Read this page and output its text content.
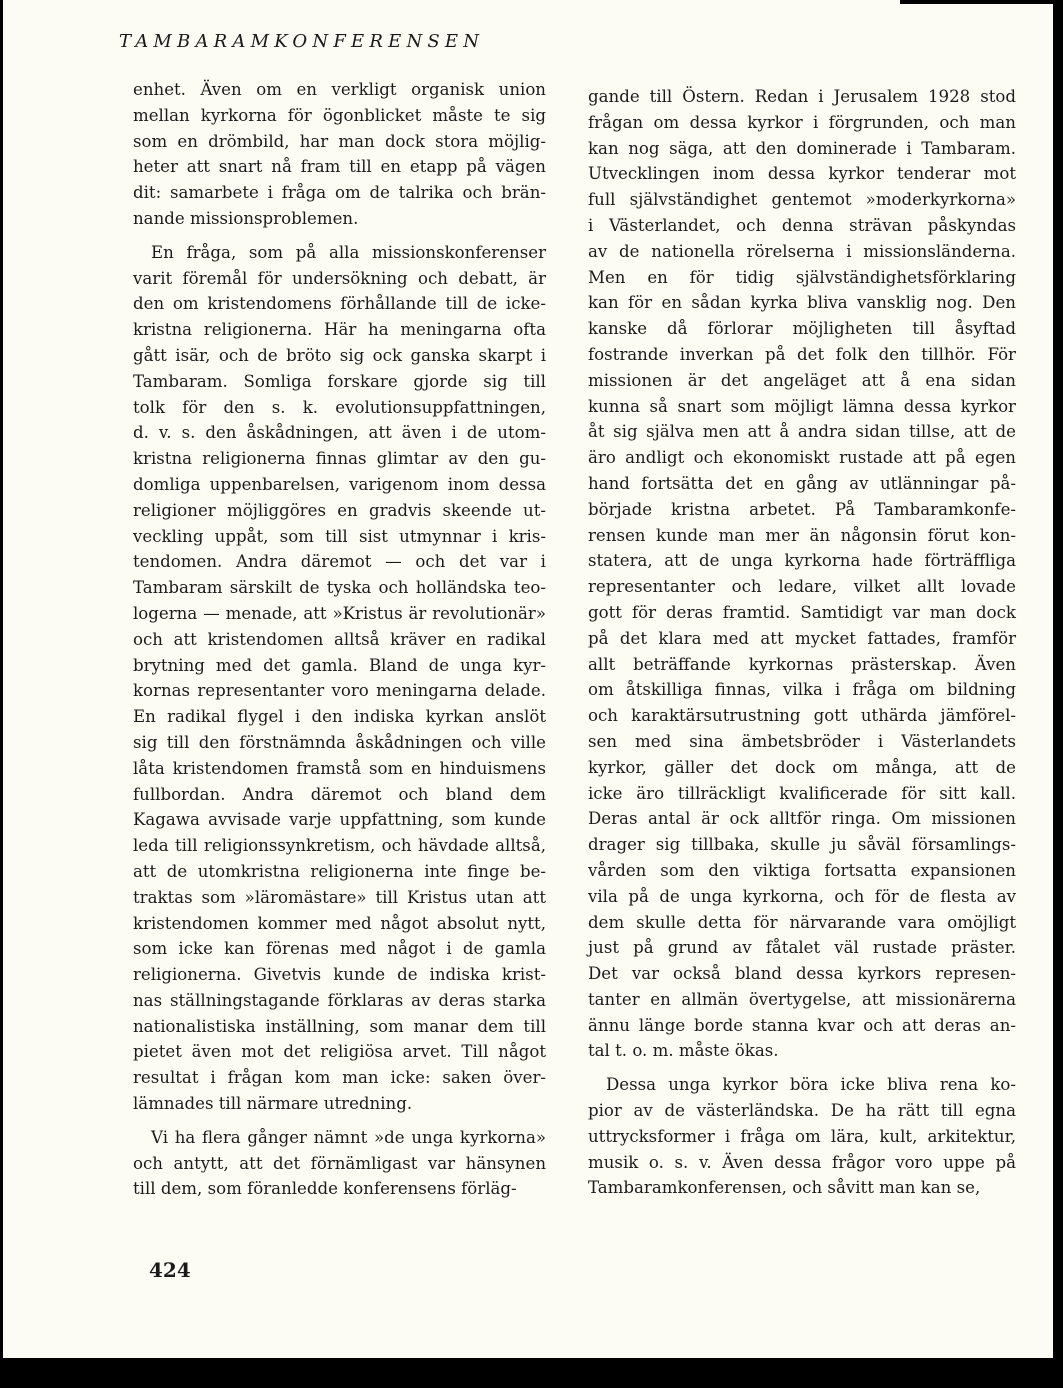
TAMBARAMKONFERENSEN
enhet. Även om en verkligt organisk union
mellan kyrkorna för ögonblicket måste te sig
som en drömbild, har man dock stora möjlig-
heter att snart nå fram till en etapp på vägen
dit: samarbete i fråga om de talrika och brän-
nande missionsproblemen.
En fråga, som på alla missionskonferenser
varit föremål för undersökning och debatt, är
den om kristendomens förhållande till de icke-
kristna religionerna. Här ha meningarna ofta
gått isär, och de bröto sig ock ganska skarpt i
Tambaram. Somliga forskare gjorde sig till
tolk för den s. k. evolutionsuppfattningen,
d. v. s. den åskådningen, att även i de utom-
kristna religionerna finnas glimtar av den gu-
domliga uppenbarelsen, varigenom inom dessa
religioner möjliggöres en gradvis skeende ut-
veckling uppåt, som till sist utmynnar i kris-
tendomen. Andra däremot — och det var i
Tambaram särskilt de tyska och holländska teo-
logerna — menade, att »Kristus är revolutionär»
och att kristendomen alltså kräver en radikal
brytning med det gamla. Bland de unga kyr-
kornas representanter voro meningarna delade.
En radikal flygel i den indiska kyrkan anslöt
sig till den förstnämnda åskådningen och ville
låta kristendomen framstå som en hinduismens
fullbordan. Andra däremot och bland dem
Kagawa avvisade varje uppfattning, som kunde
leda till religionssynkretism, och hävdade alltså,
att de utomkristna religionerna inte finge be-
traktas som »läromästare» till Kristus utan att
kristendomen kommer med något absolut nytt,
som icke kan förenas med något i de gamla
religionerna. Givetvis kunde de indiska krist-
nas ställningstagande förklaras av deras starka
nationalistiska inställning, som manar dem till
pietet även mot det religiösa arvet. Till något
resultat i frågan kom man icke: saken över-
lämnades till närmare utredning.
Vi ha flera gånger nämnt »de unga kyrkorna»
och antytt, att det förnämligast var hänsynen
till dem, som föranledde konferensens förläg-
gande till Östern. Redan i Jerusalem 1928 stod
frågan om dessa kyrkor i förgrunden, och man
kan nog säga, att den dominerade i Tambaram.
Utvecklingen inom dessa kyrkor tenderar mot
full självständighet gentemot »moderkyrkorna»
i Västerlandet, och denna strävan påskyndas
av de nationella rörelserna i missionsländerna.
Men en för tidig självständighetsförklaring
kan för en sådan kyrka bliva vansklig nog. Den
kanske då förlorar möjligheten till åsyftad
fostrande inverkan på det folk den tillhör. För
missionen är det angeläget att å ena sidan
kunna så snart som möjligt lämna dessa kyrkor
åt sig själva men att å andra sidan tillse, att de
äro andligt och ekonomiskt rustade att på egen
hand fortsätta det en gång av utlänningar på-
började kristna arbetet. På Tambaramkonfe-
rensen kunde man mer än någonsin förut kon-
statera, att de unga kyrkorna hade förträffliga
representanter och ledare, vilket allt lovade
gott för deras framtid. Samtidigt var man dock
på det klara med att mycket fattades, framför
allt beträffande kyrkornas prästerskap. Även
om åtskilliga finnas, vilka i fråga om bildning
och karaktärsutrustning gott uthärda jämförel-
sen med sina ämbetsbröder i Västerlandets
kyrkor, gäller det dock om många, att de
icke äro tillräckligt kvalificerade för sitt kall.
Deras antal är ock alltför ringa. Om missionen
drager sig tillbaka, skulle ju såväl församlings-
vården som den viktiga fortsatta expansionen
vila på de unga kyrkorna, och för de flesta av
dem skulle detta för närvarande vara omöjligt
just på grund av fåtalet väl rustade präster.
Det var också bland dessa kyrkors represen-
tanter en allmän övertygelse, att missionärerna
ännu länge borde stanna kvar och att deras an-
tal t. o. m. måste ökas.
Dessa unga kyrkor böra icke bliva rena ko-
pior av de västerländska. De ha rätt till egna
uttrycksformer i fråga om lära, kult, arkitektur,
musik o. s. v. Även dessa frågor voro uppe på
Tambaramkonferensen, och såvitt man kan se,
424
